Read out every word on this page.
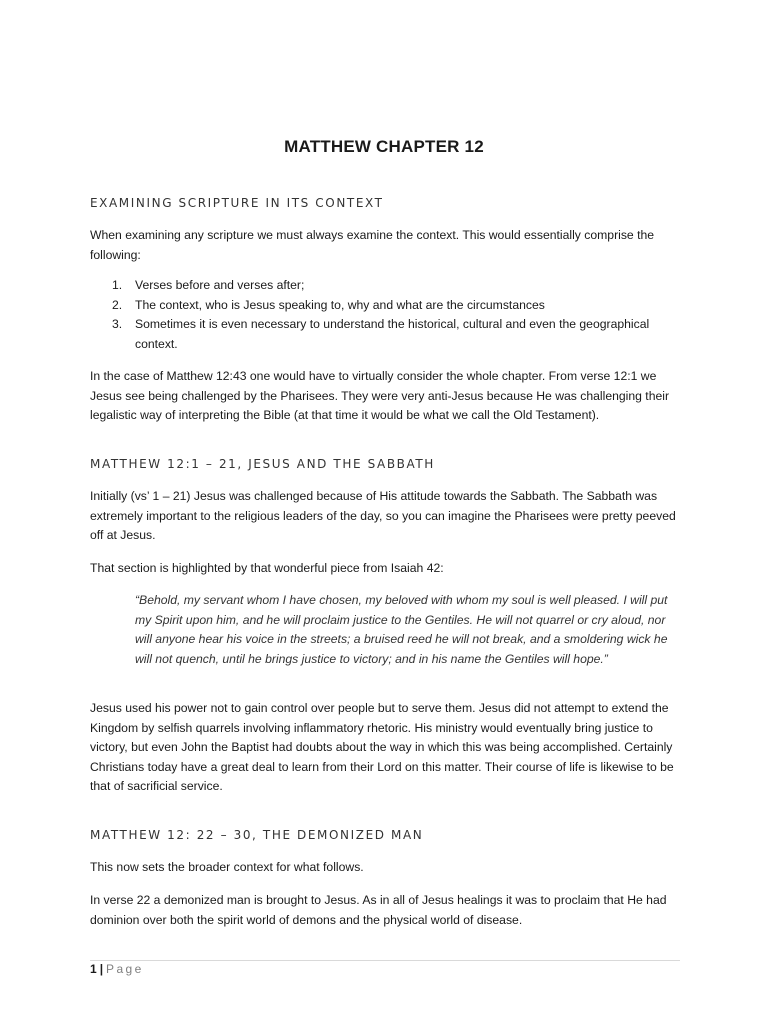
MATTHEW CHAPTER 12
EXAMINING SCRIPTURE IN ITS CONTEXT
When examining any scripture we must always examine the context. This would essentially comprise the following:
1. Verses before and verses after;
2. The context, who is Jesus speaking to, why and what are the circumstances
3. Sometimes it is even necessary to understand the historical, cultural and even the geographical context.
In the case of Matthew 12:43 one would have to virtually consider the whole chapter. From verse 12:1 we Jesus see being challenged by the Pharisees. They were very anti-Jesus because He was challenging their legalistic way of interpreting the Bible (at that time it would be what we call the Old Testament).
MATTHEW 12:1 – 21, JESUS AND THE SABBATH
Initially (vs’ 1 – 21) Jesus was challenged because of His attitude towards the Sabbath. The Sabbath was extremely important to the religious leaders of the day, so you can imagine the Pharisees were pretty peeved off at Jesus.
That section is highlighted by that wonderful piece from Isaiah 42:
“Behold, my servant whom I have chosen, my beloved with whom my soul is well pleased. I will put my Spirit upon him, and he will proclaim justice to the Gentiles. He will not quarrel or cry aloud, nor will anyone hear his voice in the streets; a bruised reed he will not break, and a smoldering wick he will not quench, until he brings justice to victory; and in his name the Gentiles will hope.”
Jesus used his power not to gain control over people but to serve them. Jesus did not attempt to extend the Kingdom by selfish quarrels involving inflammatory rhetoric. His ministry would eventually bring justice to victory, but even John the Baptist had doubts about the way in which this was being accomplished. Certainly Christians today have a great deal to learn from their Lord on this matter. Their course of life is likewise to be that of sacrificial service.
MATTHEW 12: 22 – 30, THE DEMONIZED MAN
This now sets the broader context for what follows.
In verse 22 a demonized man is brought to Jesus. As in all of Jesus healings it was to proclaim that He had dominion over both the spirit world of demons and the physical world of disease.
1 | Page
